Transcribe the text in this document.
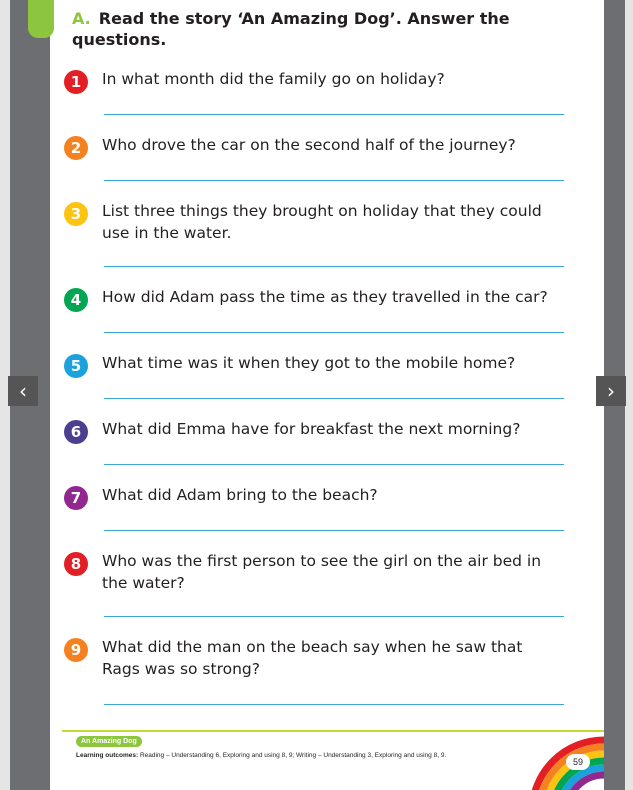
A. Read the story ‘An Amazing Dog’. Answer the questions.
1	In what month did the family go on holiday?
2	Who drove the car on the second half of the journey?
3	List three things they brought on holiday that they could use in the water.
4	How did Adam pass the time as they travelled in the car?
5	What time was it when they got to the mobile home?
6	What did Emma have for breakfast the next morning?
7	What did Adam bring to the beach?
8	Who was the first person to see the girl on the air bed in the water?
9	What did the man on the beach say when he saw that Rags was so strong?
‹	›
An Amazing Dog
Learning outcomes: Reading – Understanding 6, Exploring and using 8, 9; Writing – Understanding 3, Exploring and using 8, 9.
59
